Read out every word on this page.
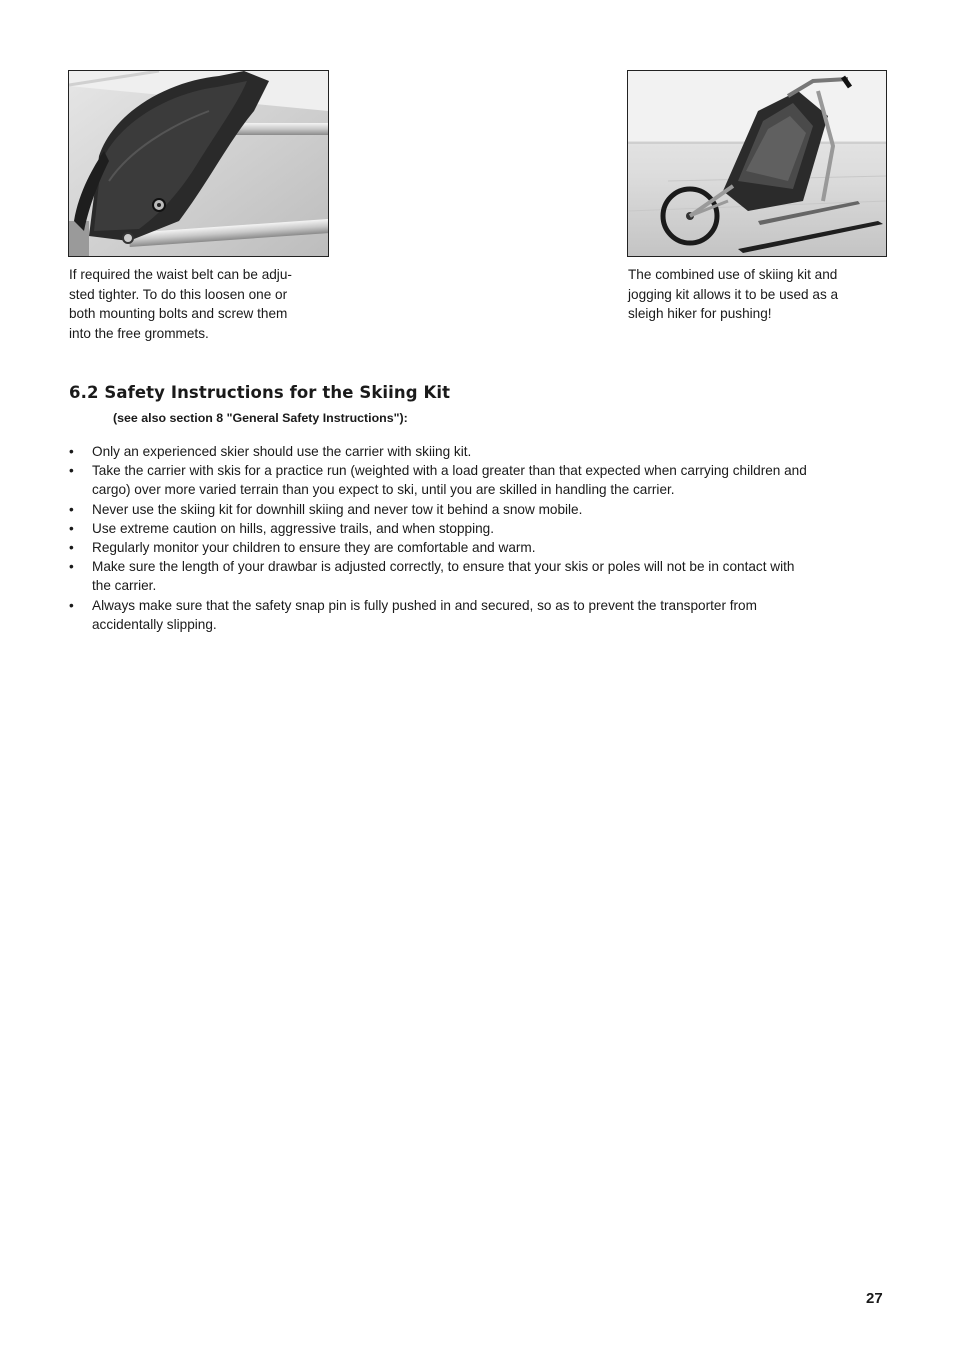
If required the waist belt can be adju-
sted tighter. To do this loosen one or
both mounting bolts and screw them
into the free grommets.

The combined use of skiing kit and
jogging kit allows it to be used as a
sleigh hiker for pushing!

6.2 Safety Instructions for the Skiing Kit

(see also section 8 "General Safety Instructions"):

• Only an experienced skier should use the carrier with skiing kit.
• Take the carrier with skis for a practice run (weighted with a load greater than that expected when carrying children and
cargo) over more varied terrain than you expect to ski, until you are skilled in handling the carrier.
• Never use the skiing kit for downhill skiing and never tow it behind a snow mobile.
• Use extreme caution on hills, aggressive trails, and when stopping.
• Regularly monitor your children to ensure they are comfortable and warm.
• Make sure the length of your drawbar is adjusted correctly, to ensure that your skis or poles will not be in contact with
the carrier.
• Always make sure that the safety snap pin is fully pushed in and secured, so as to prevent the transporter from
accidentally slipping.
27
